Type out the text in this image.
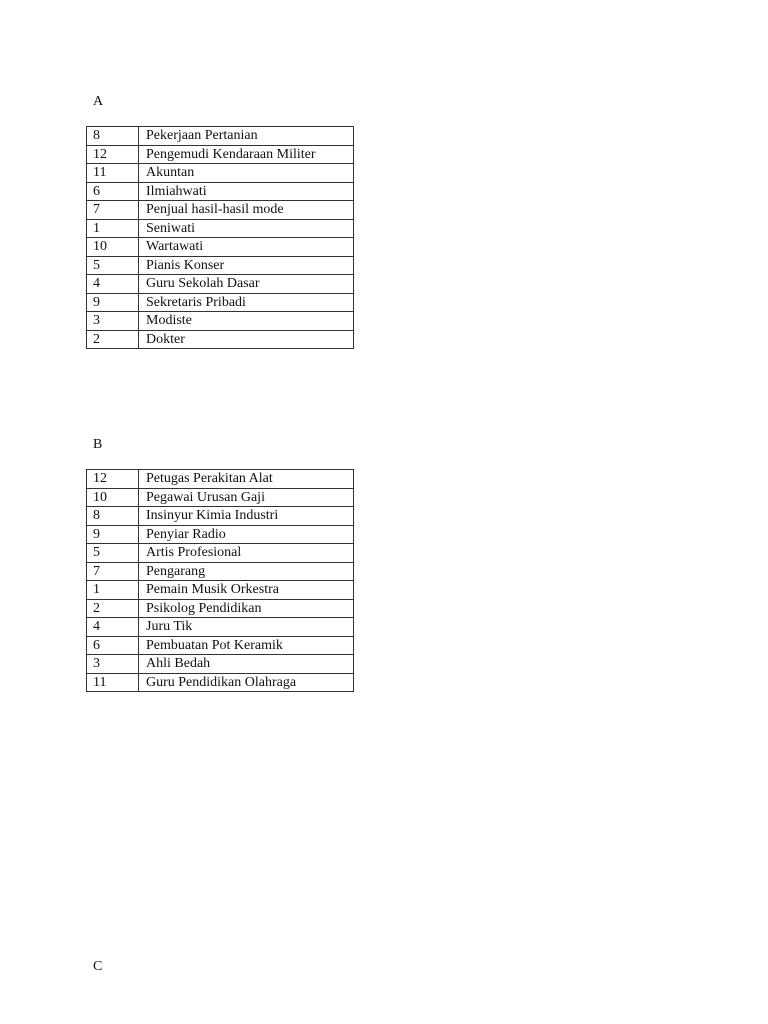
A
8	Pekerjaan Pertanian
12	Pengemudi Kendaraan Militer
11	Akuntan
6	Ilmiahwati
7	Penjual hasil-hasil mode
1	Seniwati
10	Wartawati
5	Pianis Konser
4	Guru Sekolah Dasar
9	Sekretaris Pribadi
3	Modiste
2	Dokter
B
12	Petugas Perakitan Alat
10	Pegawai Urusan Gaji
8	Insinyur Kimia Industri
9	Penyiar Radio
5	Artis Profesional
7	Pengarang
1	Pemain Musik Orkestra
2	Psikolog Pendidikan
4	Juru Tik
6	Pembuatan Pot Keramik
3	Ahli Bedah
11	Guru Pendidikan Olahraga
C
